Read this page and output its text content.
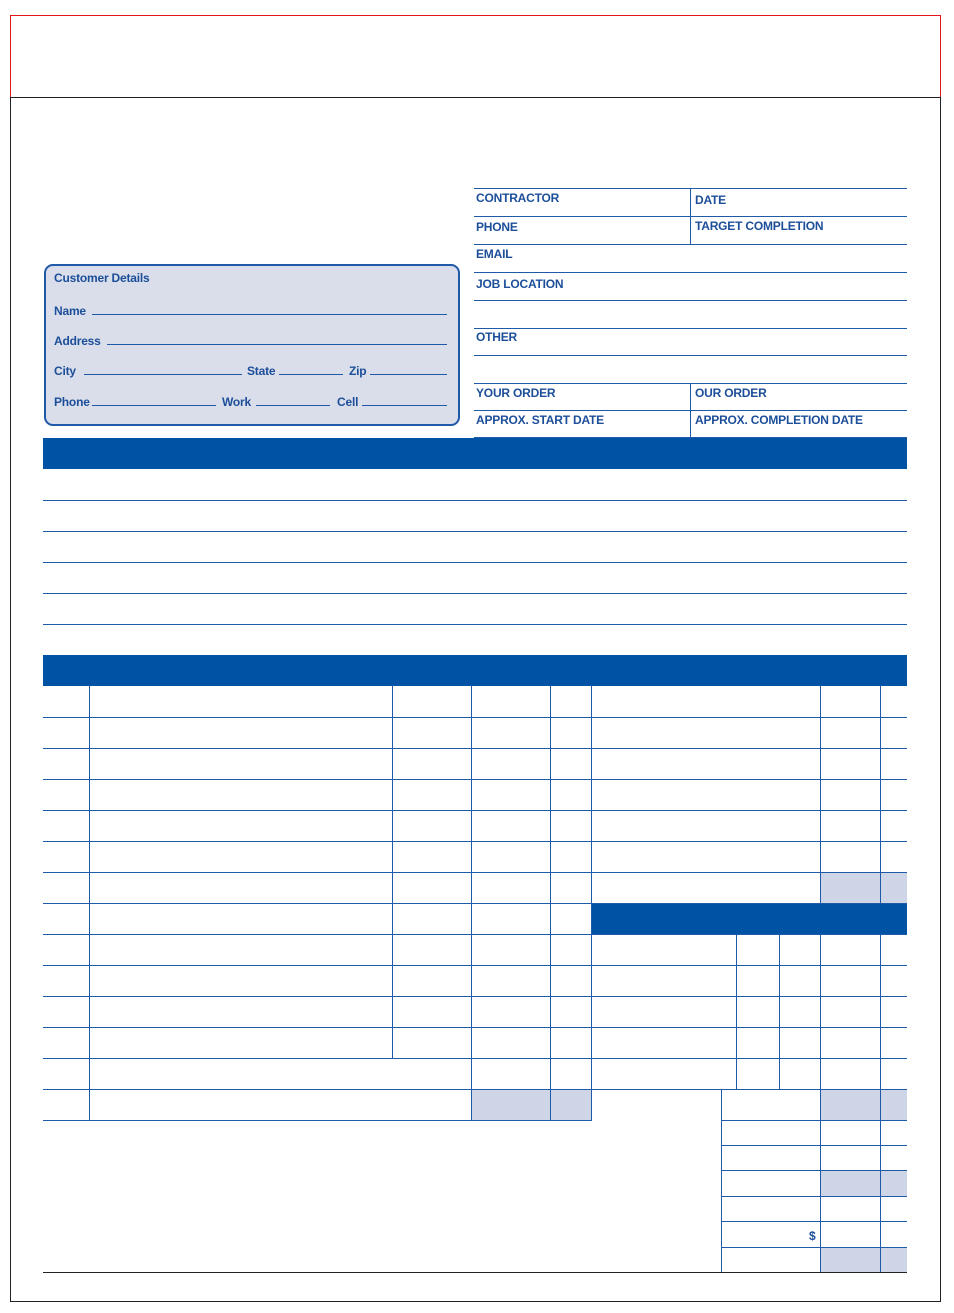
CONTRACTOR	DATE
PHONE	TARGET COMPLETION
EMAIL
JOB LOCATION
OTHER
YOUR ORDER	OUR ORDER
APPROX. START DATE	APPROX. COMPLETION DATE
Customer Details
Name
Address
City	State	Zip
Phone	Work	Cell
$
